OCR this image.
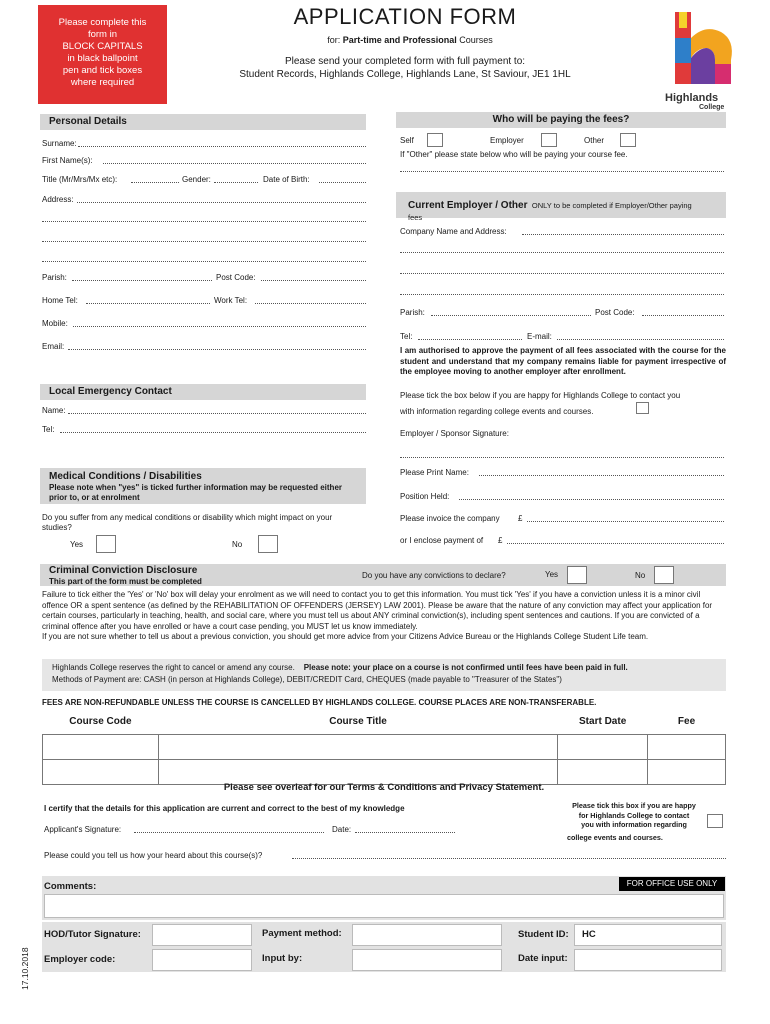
Please complete this
form in
BLOCK CAPITALS
in black ballpoint
pen and tick boxes
where required
APPLICATION FORM
for: Part-time and Professional Courses
Please send your completed form with full payment to:
Student Records, Highlands College, Highlands Lane, St Saviour, JE1 1HL
Highlands
College
Personal Details
Surname:
First Name(s):
Title (Mr/Mrs/Mx etc):	Gender:	Date of Birth:
Address:
Parish:	Post Code:
Home Tel:	Work Tel:
Mobile:
Email:
Who will be paying the fees?
Self	Employer	Other
If "Other" please state below who will be paying your course fee.
Current Employer / Other ONLY to be completed if Employer/Other paying
fees
Company Name and Address:
Parish:	Post Code:
Tel:	E-mail:
I am authorised to approve the payment of all fees associated with the course for the student and understand that my company remains liable for payment irrespective of the employee moving to another employer after enrollment.
Please tick the box below if you are happy for Highlands College to contact you
with information regarding college events and courses.
Employer / Sponsor Signature:
Please Print Name:
Position Held:
Please invoice the company £
or I enclose payment of £
Local Emergency Contact
Name:
Tel:
Medical Conditions / Disabilities
Please note when "yes" is ticked further information may be requested either prior to, or at enrolment
Do you suffer from any medical conditions or disability which might impact on your studies?
Yes	No
Criminal Conviction Disclosure
This part of the form must be completed
Do you have any convictions to declare?	Yes	No
Failure to tick either the 'Yes' or 'No' box will delay your enrolment as we will need to contact you to get this information. You must tick 'Yes' if you have a conviction unless it is a minor civil offence OR a spent sentence (as defined by the REHABILITATION OF OFFENDERS (JERSEY) LAW 2001). Please be aware that the nature of any conviction may affect your application for certain courses, particularly in teaching, health, and social care, where you must tell us about ANY criminal conviction(s), including spent sentences and cautions. If you are convicted of a criminal offence after you have enrolled or have a court case pending, you MUST let us know immediately.
If you are not sure whether to tell us about a previous conviction, you should get more advice from your Citizens Advice Bureau or the Highlands College Student Life team.
Highlands College reserves the right to cancel or amend any course. Please note: your place on a course is not confirmed until fees have been paid in full.
Methods of Payment are: CASH (in person at Highlands College), DEBIT/CREDIT Card, CHEQUES (made payable to "Treasurer of the States")
FEES ARE NON-REFUNDABLE UNLESS THE COURSE IS CANCELLED BY HIGHLANDS COLLEGE. COURSE PLACES ARE NON-TRANSFERABLE.
Course Code	Course Title	Start Date	Fee

Please see overleaf for our Terms & Conditions and Privacy Statement.
I certify that the details for this application are current and correct to the best of my knowledge
Applicant's Signature:	Date:
Please tick this box if you are happy
for Highlands College to contact
you with information regarding
college events and courses.
Please could you tell us how your heard about this course(s)?
Comments:	FOR OFFICE USE ONLY
HOD/Tutor Signature:	Payment method:	Student ID: HC
Employer code:	Input by:	Date input:
17.10.2018
